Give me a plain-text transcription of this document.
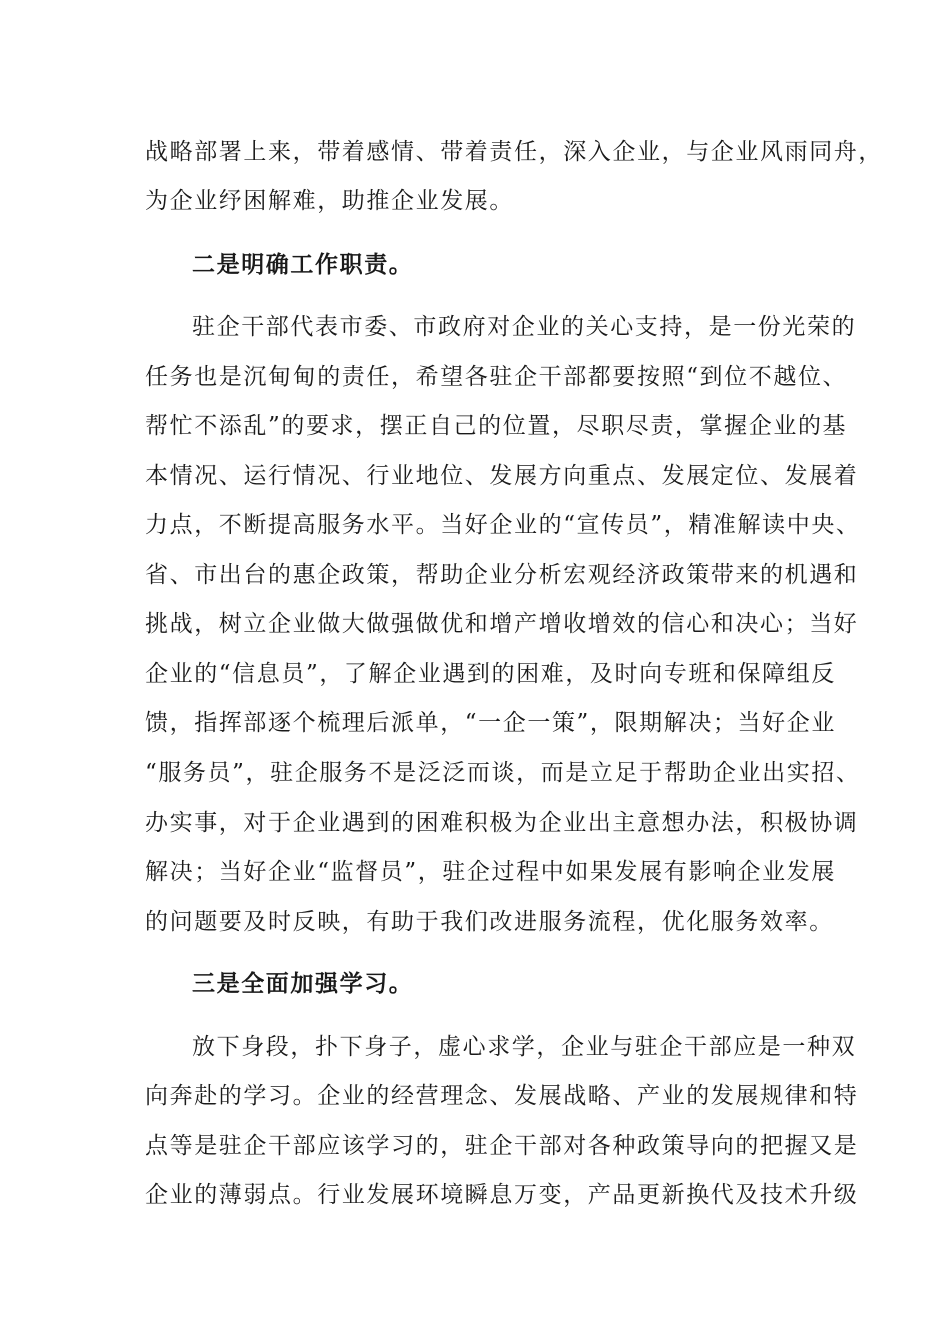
战略部署上来，带着感情、带着责任，深入企业，与企业风雨同舟，
为企业纾困解难，助推企业发展。
二是明确工作职责。
驻企干部代表市委、市政府对企业的关心支持，是一份光荣的
任务也是沉甸甸的责任，希望各驻企干部都要按照“到位不越位、
帮忙不添乱”的要求，摆正自己的位置，尽职尽责，掌握企业的基
本情况、运行情况、行业地位、发展方向重点、发展定位、发展着
力点，不断提高服务水平。当好企业的“宣传员”，精准解读中央、
省、市出台的惠企政策，帮助企业分析宏观经济政策带来的机遇和
挑战，树立企业做大做强做优和增产增收增效的信心和决心；当好
企业的“信息员”，了解企业遇到的困难，及时向专班和保障组反
馈，指挥部逐个梳理后派单，“一企一策”，限期解决；当好企业
“服务员”，驻企服务不是泛泛而谈，而是立足于帮助企业出实招、
办实事，对于企业遇到的困难积极为企业出主意想办法，积极协调
解决；当好企业“监督员”，驻企过程中如果发展有影响企业发展
的问题要及时反映，有助于我们改进服务流程，优化服务效率。
三是全面加强学习。
放下身段，扑下身子，虚心求学，企业与驻企干部应是一种双
向奔赴的学习。企业的经营理念、发展战略、产业的发展规律和特
点等是驻企干部应该学习的，驻企干部对各种政策导向的把握又是
企业的薄弱点。行业发展环境瞬息万变，产品更新换代及技术升级
